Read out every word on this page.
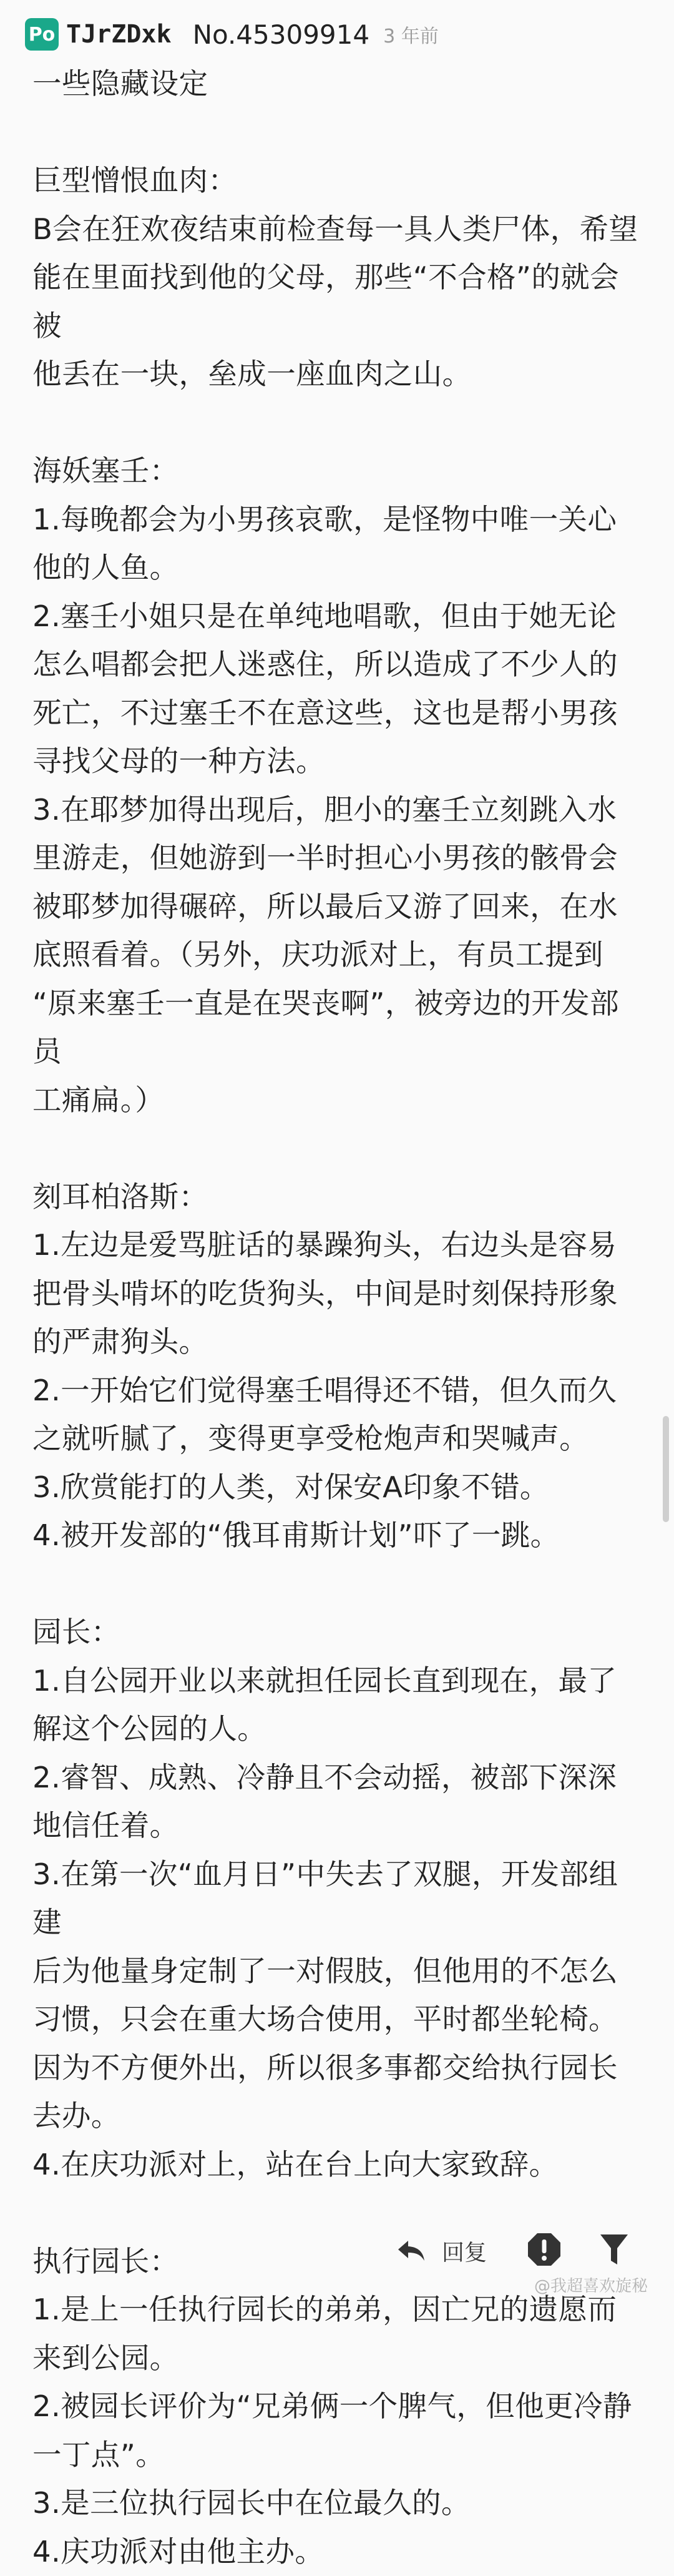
Po TJrZDxk No.45309914 3 年前
一些隐藏设定
巨型憎恨血肉：
B会在狂欢夜结束前检查每一具人类尸体，希望
能在里面找到他的父母，那些“不合格”的就会被
他丢在一块，垒成一座血肉之山。
海妖塞壬：
1.每晚都会为小男孩哀歌，是怪物中唯一关心
他的人鱼。
2.塞壬小姐只是在单纯地唱歌，但由于她无论
怎么唱都会把人迷惑住，所以造成了不少人的
死亡，不过塞壬不在意这些，这也是帮小男孩
寻找父母的一种方法。
3.在耶梦加得出现后，胆小的塞壬立刻跳入水
里游走，但她游到一半时担心小男孩的骸骨会
被耶梦加得碾碎，所以最后又游了回来，在水
底照看着。（另外，庆功派对上，有员工提到
“原来塞壬一直是在哭丧啊”，被旁边的开发部员
工痛扁。）
刻耳柏洛斯：
1.左边是爱骂脏话的暴躁狗头，右边头是容易
把骨头啃坏的吃货狗头，中间是时刻保持形象
的严肃狗头。
2.一开始它们觉得塞壬唱得还不错，但久而久
之就听腻了，变得更享受枪炮声和哭喊声。
3.欣赏能打的人类，对保安A印象不错。
4.被开发部的“俄耳甫斯计划”吓了一跳。
园长：
1.自公园开业以来就担任园长直到现在，最了
解这个公园的人。
2.睿智、成熟、冷静且不会动摇，被部下深深
地信任着。
3.在第一次“血月日”中失去了双腿，开发部组建
后为他量身定制了一对假肢，但他用的不怎么
习惯，只会在重大场合使用，平时都坐轮椅。
因为不方便外出，所以很多事都交给执行园长
去办。
4.在庆功派对上，站在台上向大家致辞。
执行园长：
1.是上一任执行园长的弟弟，因亡兄的遗愿而
来到公园。
2.被园长评价为“兄弟俩一个脾气，但他更冷静
一丁点”。
3.是三位执行园长中在位最久的。
4.庆功派对由他主办。
回复
@我超喜欢旋秘
